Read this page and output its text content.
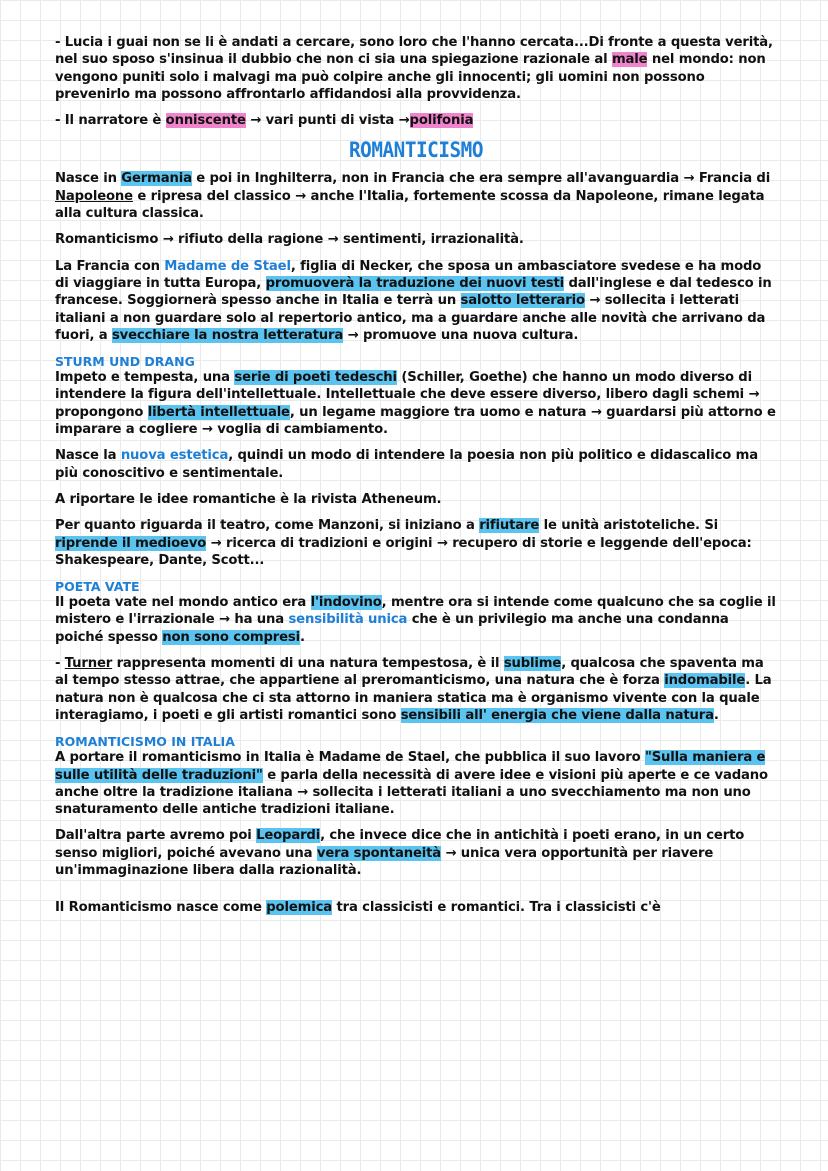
- Lucia i guai non se li è andati a cercare, sono loro che l'hanno cercata...Di fronte a questa verità, nel suo sposo s'insinua il dubbio che non ci sia una spiegazione razionale al male nel mondo: non vengono puniti solo i malvagi ma può colpire anche gli innocenti; gli uomini non possono prevenirlo ma possono affrontarlo affidandosi alla provvidenza.

- Il narratore è onniscente → vari punti di vista →polifonia

ROMANTICISMO

Nasce in Germania e poi in Inghilterra, non in Francia che era sempre all'avanguardia → Francia di Napoleone e ripresa del classico → anche l'Italia, fortemente scossa da Napoleone, rimane legata alla cultura classica.

Romanticismo → rifiuto della ragione → sentimenti, irrazionalità.

La Francia con Madame de Stael, figlia di Necker, che sposa un ambasciatore svedese e ha modo di viaggiare in tutta Europa, promuoverà la traduzione dei nuovi testi dall'inglese e dal tedesco in francese. Soggiornerà spesso anche in Italia e terrà un salotto letterario → sollecita i letterati italiani a non guardare solo al repertorio antico, ma a guardare anche alle novità che arrivano da fuori, a svecchiare la nostra letteratura → promuove una nuova cultura.

STURM UND DRANG

Impeto e tempesta, una serie di poeti tedeschi (Schiller, Goethe) che hanno un modo diverso di intendere la figura dell'intellettuale. Intellettuale che deve essere diverso, libero dagli schemi → propongono libertà intellettuale, un legame maggiore tra uomo e natura → guardarsi più attorno e imparare a cogliere → voglia di cambiamento.

Nasce la nuova estetica, quindi un modo di intendere la poesia non più politico e didascalico ma più conoscitivo e sentimentale.

A riportare le idee romantiche è la rivista Atheneum.

Per quanto riguarda il teatro, come Manzoni, si iniziano a rifiutare le unità aristoteliche. Si riprende il medioevo → ricerca di tradizioni e origini → recupero di storie e leggende dell'epoca: Shakespeare, Dante, Scott...

POETA VATE

Il poeta vate nel mondo antico era l'indovino, mentre ora si intende come qualcuno che sa coglie il mistero e l'irrazionale → ha una sensibilità unica che è un privilegio ma anche una condanna poiché spesso non sono compresi.

- Turner rappresenta momenti di una natura tempestosa, è il sublime, qualcosa che spaventa ma al tempo stesso attrae, che appartiene al preromanticismo, una natura che è forza indomabile. La natura non è qualcosa che ci sta attorno in maniera statica ma è organismo vivente con la quale interagiamo, i poeti e gli artisti romantici sono sensibili all' energia che viene dalla natura.

ROMANTICISMO IN ITALIA

A portare il romanticismo in Italia è Madame de Stael, che pubblica il suo lavoro "Sulla maniera e sulle utilità delle traduzioni" e parla della necessità di avere idee e visioni più aperte e ce vadano anche oltre la tradizione italiana → sollecita i letterati italiani a uno svecchiamento ma non uno snaturamento delle antiche tradizioni italiane.

Dall'altra parte avremo poi Leopardi, che invece dice che in antichità i poeti erano, in un certo senso migliori, poiché avevano una vera spontaneità → unica vera opportunità per riavere un'immaginazione libera dalla razionalità.

Il Romanticismo nasce come polemica tra classicisti e romantici. Tra i classicisti c'è
